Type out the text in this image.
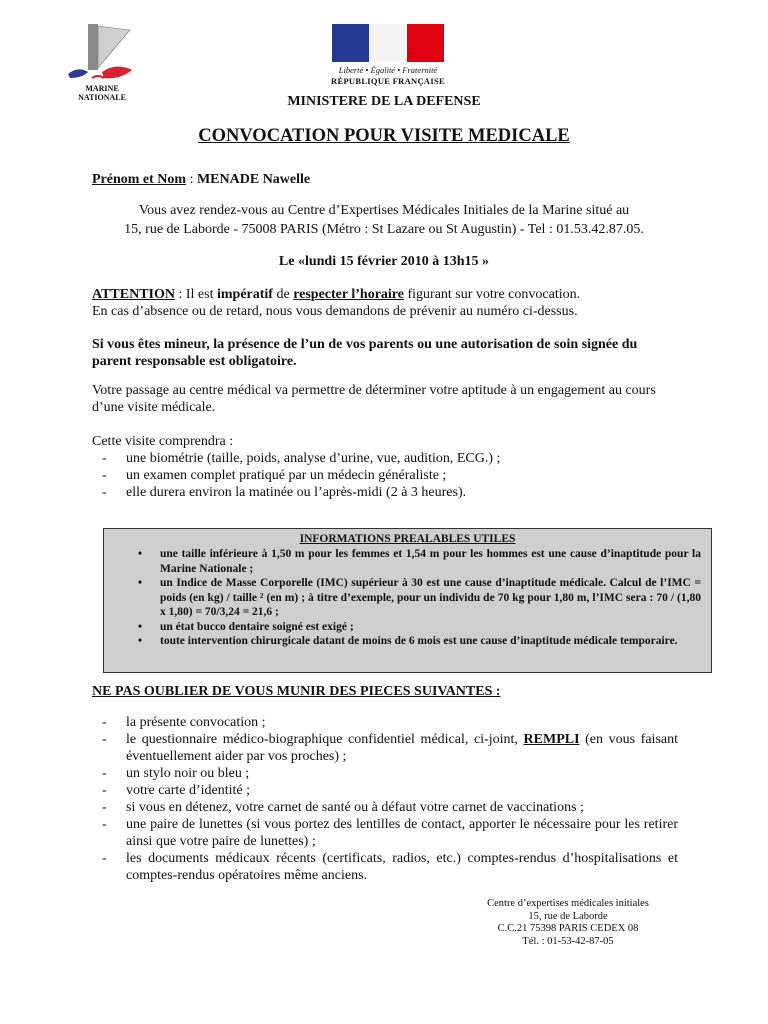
MARINE
NATIONALE
Liberté • Égalité • Fraternité
RÉPUBLIQUE FRANÇAISE
MINISTERE DE LA DEFENSE
CONVOCATION POUR VISITE MEDICALE
Prénom et Nom : MENADE Nawelle
Vous avez rendez-vous au Centre d’Expertises Médicales Initiales de la Marine situé au
15, rue de Laborde - 75008 PARIS (Métro : St Lazare ou St Augustin) - Tel : 01.53.42.87.05.
Le «lundi 15 février 2010 à 13h15 »
ATTENTION : Il est impératif de respecter l’horaire figurant sur votre convocation.
En cas d’absence ou de retard, nous vous demandons de prévenir au numéro ci-dessus.
Si vous êtes mineur, la présence de l’un de vos parents ou une autorisation de soin signée du parent responsable est obligatoire.
Votre passage au centre médical va permettre de déterminer votre aptitude à un engagement au cours d’une visite médicale.
Cette visite comprendra :
- une biométrie (taille, poids, analyse d’urine, vue, audition, ECG.) ;
- un examen complet pratiqué par un médecin généraliste ;
- elle durera environ la matinée ou l’après-midi (2 à 3 heures).
INFORMATIONS PREALABLES UTILES
• une taille inférieure à 1,50 m pour les femmes et 1,54 m pour les hommes est une cause d’inaptitude pour la Marine Nationale ;
• un Indice de Masse Corporelle (IMC) supérieur à 30 est une cause d’inaptitude médicale. Calcul de l’IMC = poids (en kg) / taille ² (en m) ; à titre d’exemple, pour un individu de 70 kg pour 1,80 m, l’IMC sera : 70 / (1,80 x 1,80) = 70/3,24 = 21,6 ;
• un état bucco dentaire soigné est exigé ;
• toute intervention chirurgicale datant de moins de 6 mois est une cause d’inaptitude médicale temporaire.
NE PAS OUBLIER DE VOUS MUNIR DES PIECES SUIVANTES :
- la présente convocation ;
- le questionnaire médico-biographique confidentiel médical, ci-joint, REMPLI (en vous faisant éventuellement aider par vos proches) ;
- un stylo noir ou bleu ;
- votre carte d’identité ;
- si vous en détenez, votre carnet de santé ou à défaut votre carnet de vaccinations ;
- une paire de lunettes (si vous portez des lentilles de contact, apporter le nécessaire pour les retirer ainsi que votre paire de lunettes) ;
- les documents médicaux récents (certificats, radios, etc.) comptes-rendus d’hospitalisations et comptes-rendus opératoires même anciens.
Centre d’expertises médicales initiales
15, rue de Laborde
C.C.21 75398 PARIS CEDEX 08
Tél. : 01-53-42-87-05
